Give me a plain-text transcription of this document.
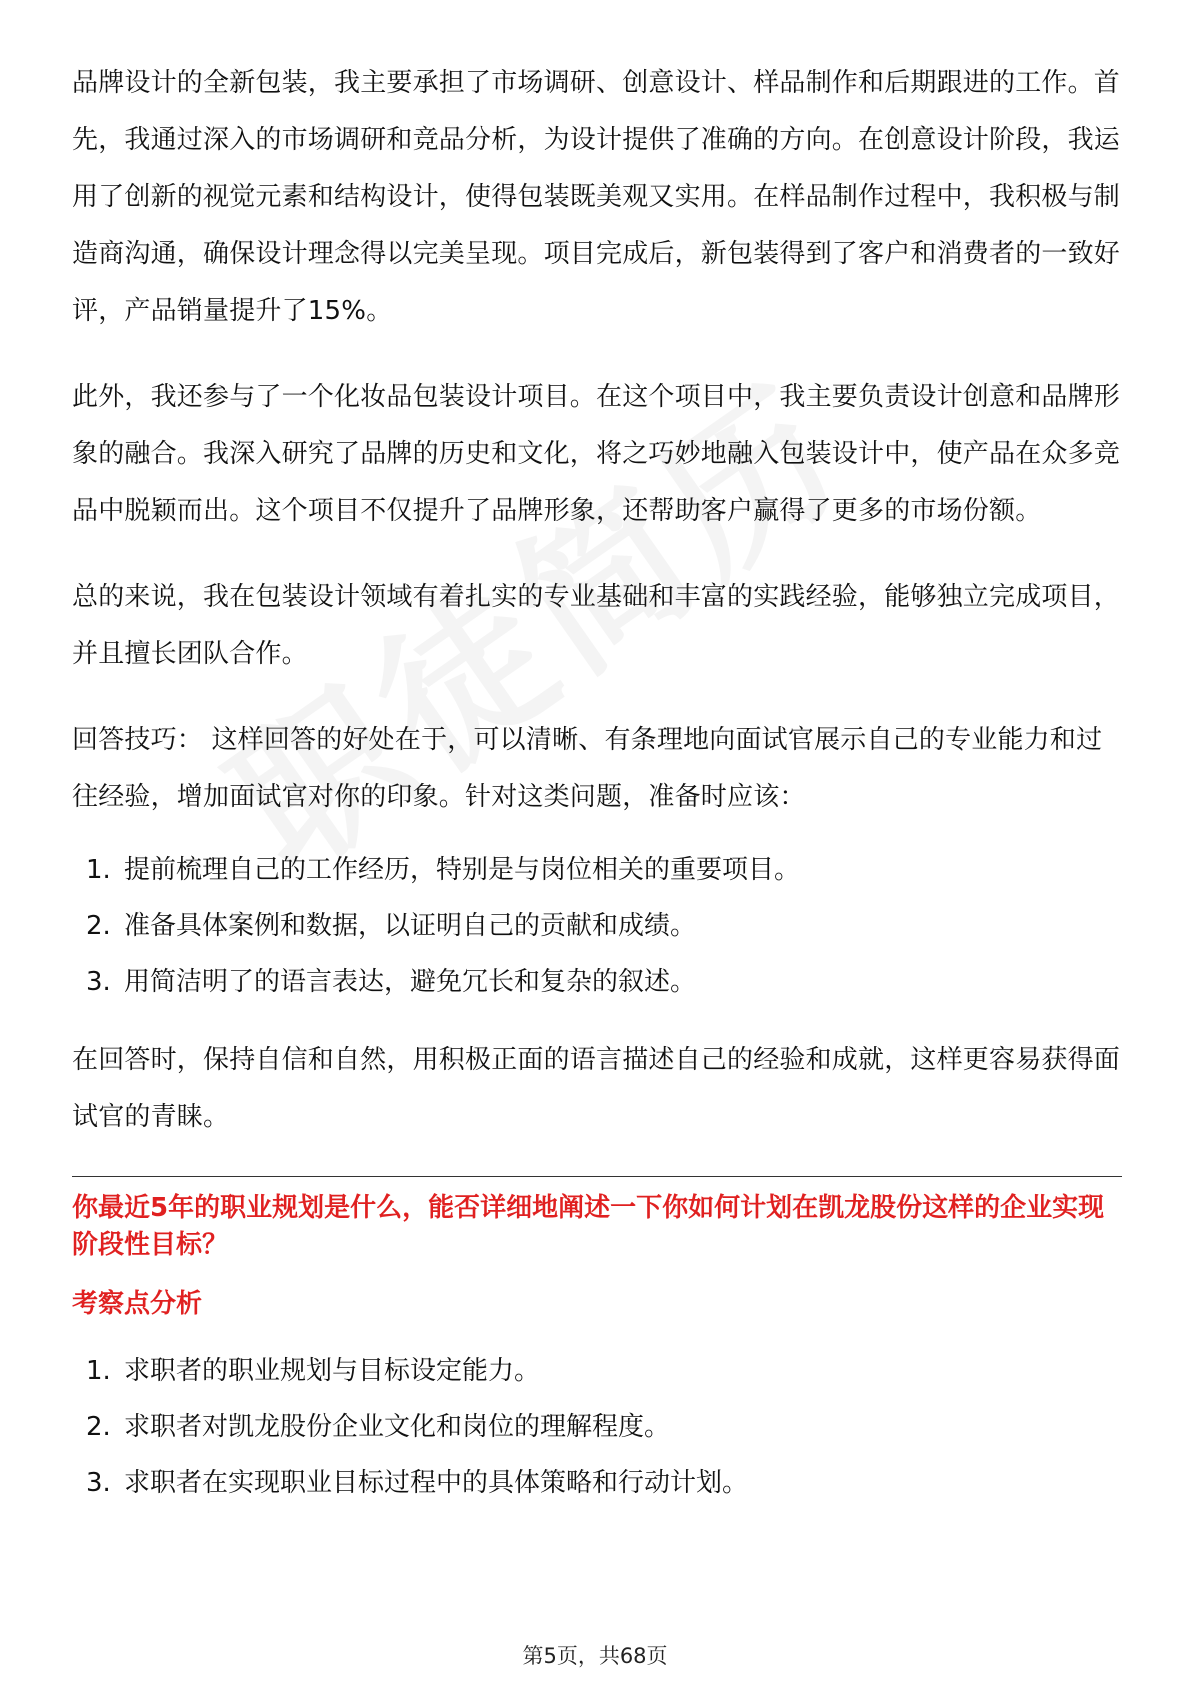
品牌设计的全新包装，我主要承担了市场调研、创意设计、样品制作和后期跟进的工作。首先，我通过深入的市场调研和竞品分析，为设计提供了准确的方向。在创意设计阶段，我运用了创新的视觉元素和结构设计，使得包装既美观又实用。在样品制作过程中，我积极与制造商沟通，确保设计理念得以完美呈现。项目完成后，新包装得到了客户和消费者的一致好评，产品销量提升了15%。

此外，我还参与了一个化妆品包装设计项目。在这个项目中，我主要负责设计创意和品牌形象的融合。我深入研究了品牌的历史和文化，将之巧妙地融入包装设计中，使产品在众多竞品中脱颖而出。这个项目不仅提升了品牌形象，还帮助客户赢得了更多的市场份额。

总的来说，我在包装设计领域有着扎实的专业基础和丰富的实践经验，能够独立完成项目，并且擅长团队合作。

回答技巧： 这样回答的好处在于，可以清晰、有条理地向面试官展示自己的专业能力和过往经验，增加面试官对你的印象。针对这类问题，准备时应该：

1. 提前梳理自己的工作经历，特别是与岗位相关的重要项目。
2. 准备具体案例和数据，以证明自己的贡献和成绩。
3. 用简洁明了的语言表达，避免冗长和复杂的叙述。

在回答时，保持自信和自然，用积极正面的语言描述自己的经验和成就，这样更容易获得面试官的青睐。

你最近5年的职业规划是什么，能否详细地阐述一下你如何计划在凯龙股份这样的企业实现阶段性目标？
考察点分析
1. 求职者的职业规划与目标设定能力。
2. 求职者对凯龙股份企业文化和岗位的理解程度。
3. 求职者在实现职业目标过程中的具体策略和行动计划。
第5页，共68页
